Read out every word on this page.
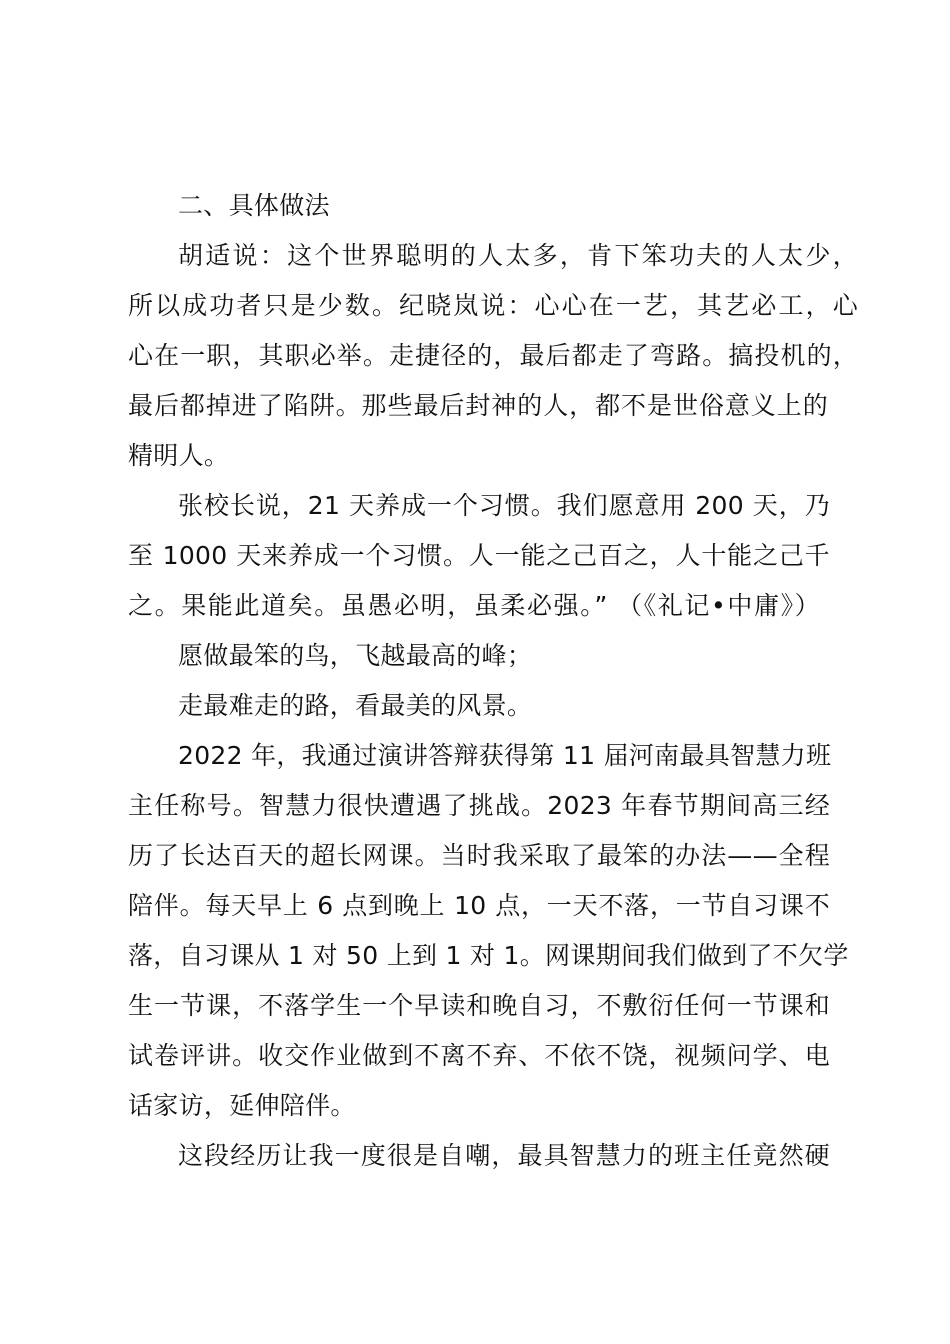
二、具体做法
胡适说：这个世界聪明的人太多，肯下笨功夫的人太少，
所以成功者只是少数。纪晓岚说：心心在一艺，其艺必工，心
心在一职，其职必举。走捷径的，最后都走了弯路。搞投机的，
最后都掉进了陷阱。那些最后封神的人，都不是世俗意义上的
精明人。
张校长说，21 天养成一个习惯。我们愿意用 200 天，乃
至 1000 天来养成一个习惯。人一能之己百之，人十能之己千
之。果能此道矣。虽愚必明，虽柔必强。” （《礼记•中庸》）
愿做最笨的鸟，飞越最高的峰；
走最难走的路，看最美的风景。
2022 年，我通过演讲答辩获得第 11 届河南最具智慧力班
主任称号。智慧力很快遭遇了挑战。2023 年春节期间高三经
历了长达百天的超长网课。当时我采取了最笨的办法——全程
陪伴。每天早上 6 点到晚上 10 点，一天不落，一节自习课不
落，自习课从 1 对 50 上到 1 对 1。网课期间我们做到了不欠学
生一节课，不落学生一个早读和晚自习，不敷衍任何一节课和
试卷评讲。收交作业做到不离不弃、不依不饶，视频问学、电
话家访，延伸陪伴。
这段经历让我一度很是自嘲，最具智慧力的班主任竟然硬
